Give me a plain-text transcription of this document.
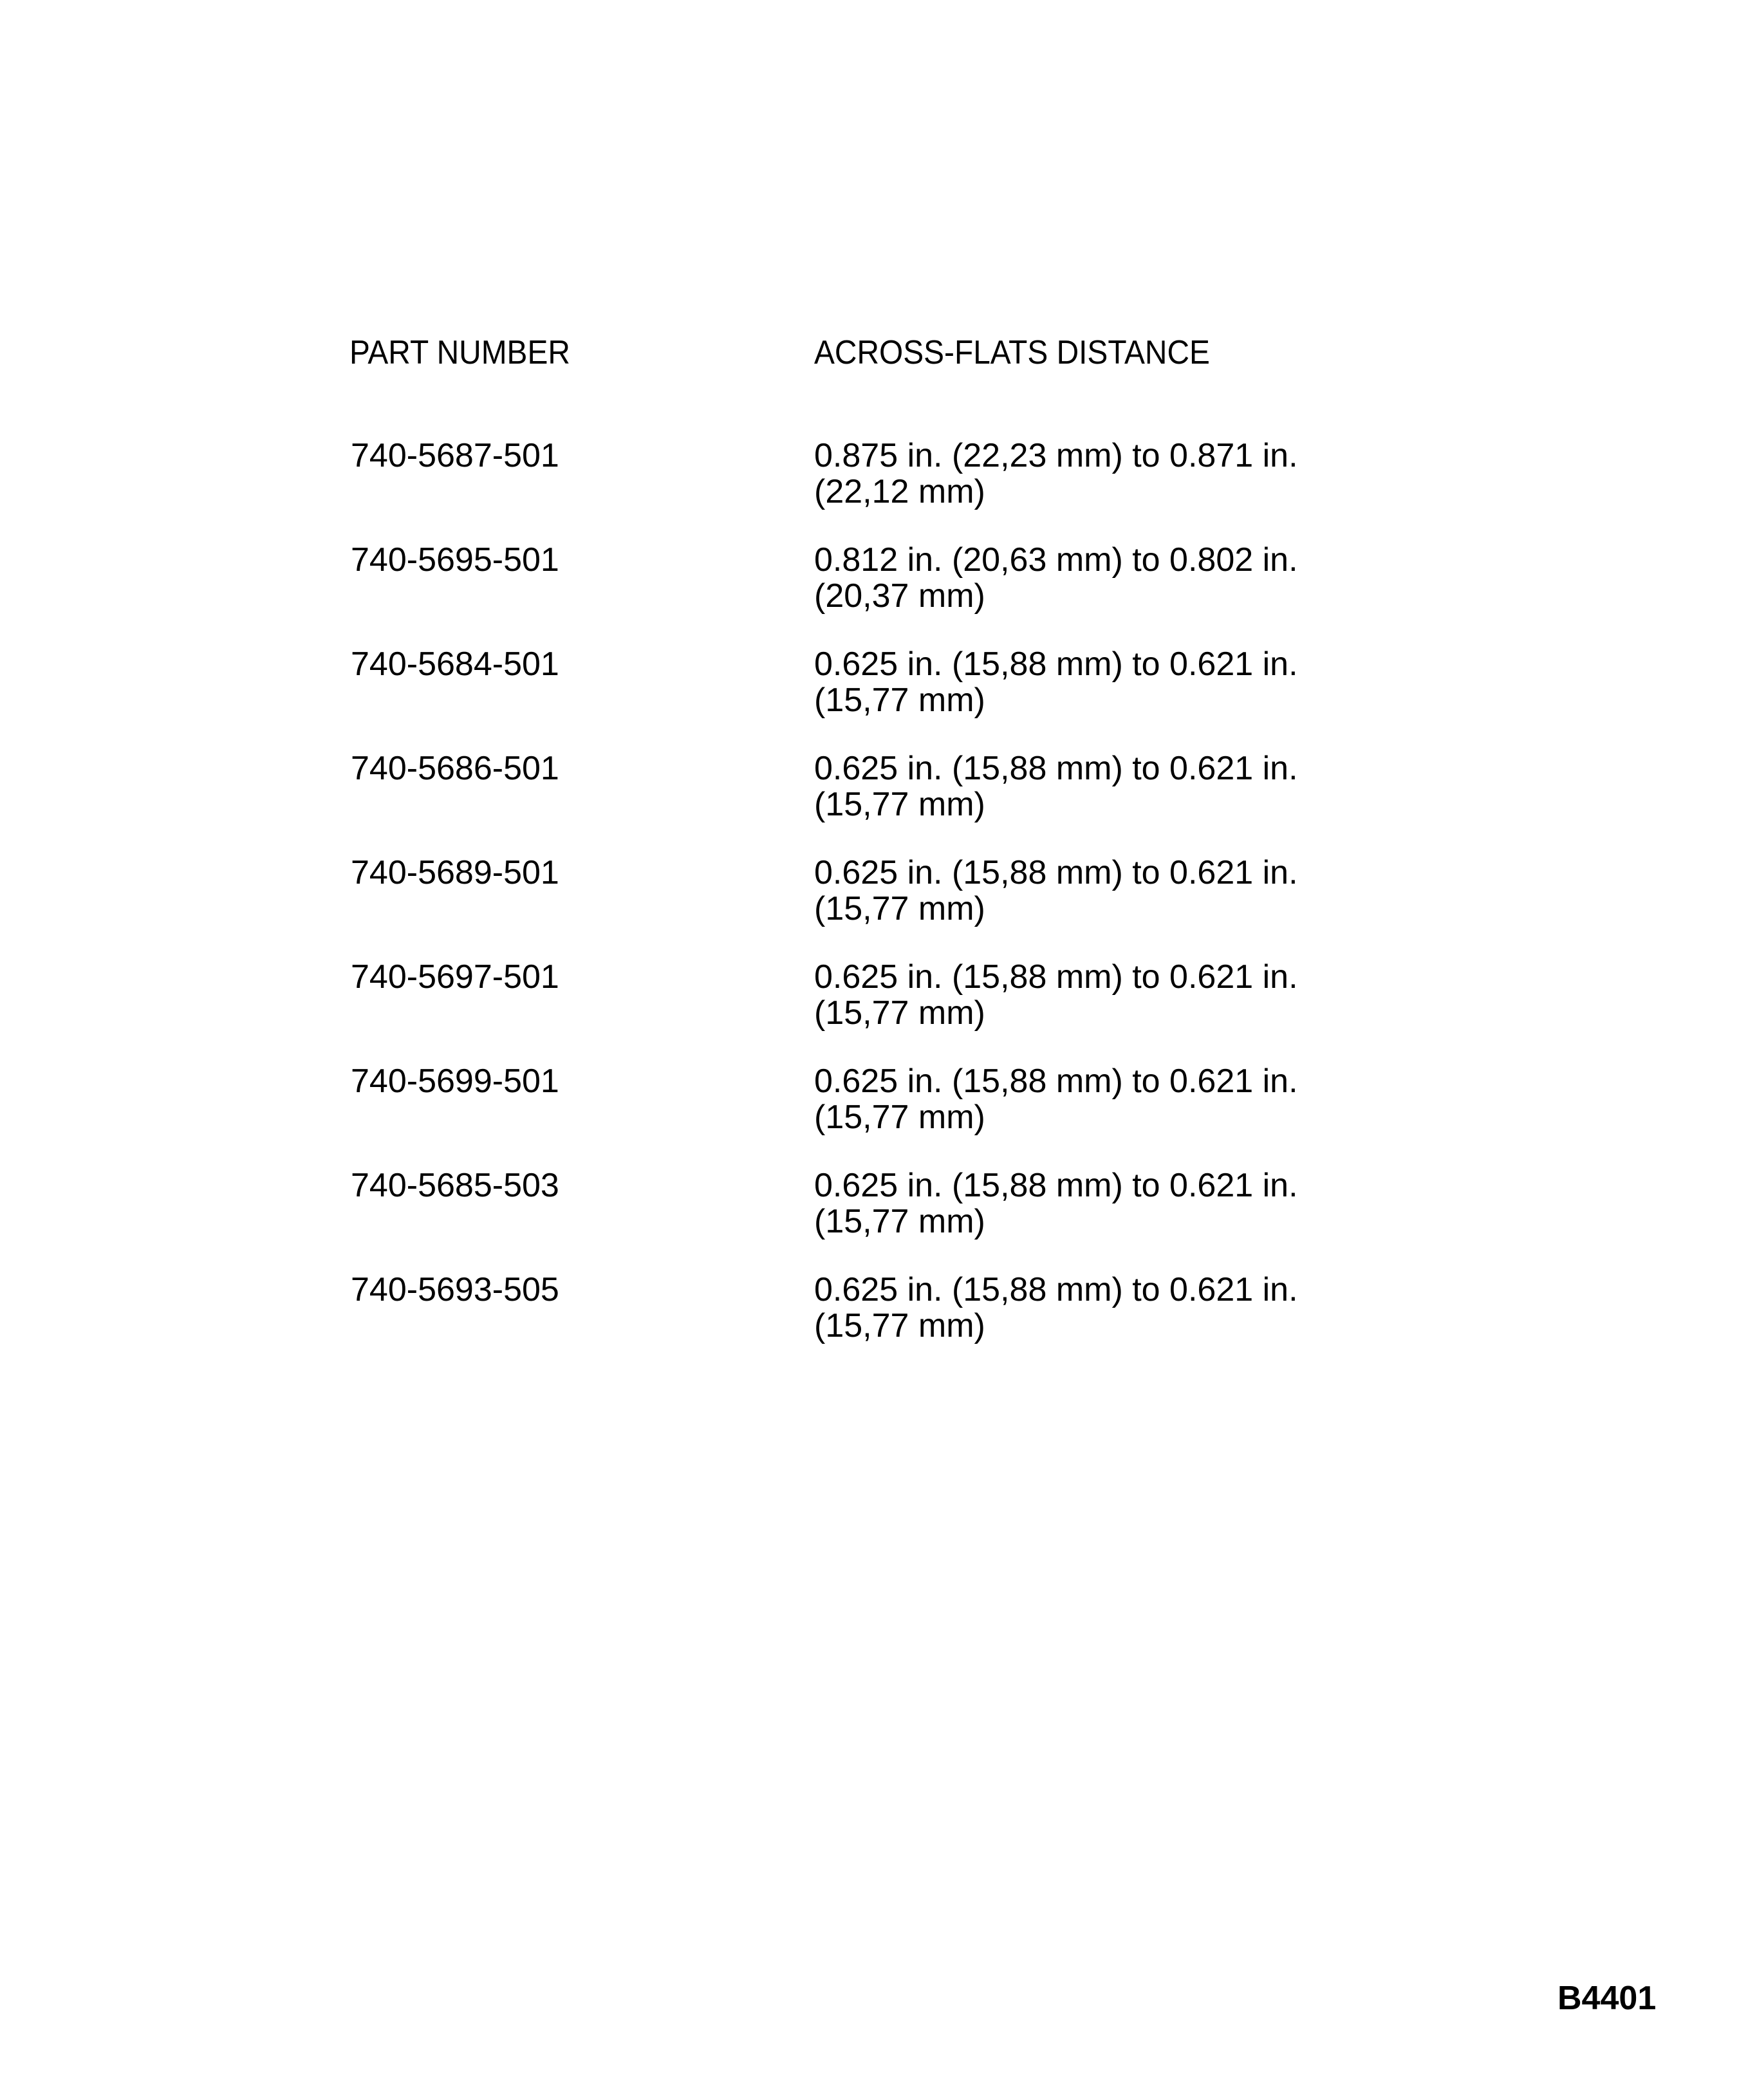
PART NUMBER	ACROSS-FLATS DISTANCE
740-5687-501	0.875 in. (22,23 mm) to 0.871 in.
(22,12 mm)
740-5695-501	0.812 in. (20,63 mm) to 0.802 in.
(20,37 mm)
740-5684-501	0.625 in. (15,88 mm) to 0.621 in.
(15,77 mm)
740-5686-501	0.625 in. (15,88 mm) to 0.621 in.
(15,77 mm)
740-5689-501	0.625 in. (15,88 mm) to 0.621 in.
(15,77 mm)
740-5697-501	0.625 in. (15,88 mm) to 0.621 in.
(15,77 mm)
740-5699-501	0.625 in. (15,88 mm) to 0.621 in.
(15,77 mm)
740-5685-503	0.625 in. (15,88 mm) to 0.621 in.
(15,77 mm)
740-5693-505	0.625 in. (15,88 mm) to 0.621 in.
(15,77 mm)
B4401
